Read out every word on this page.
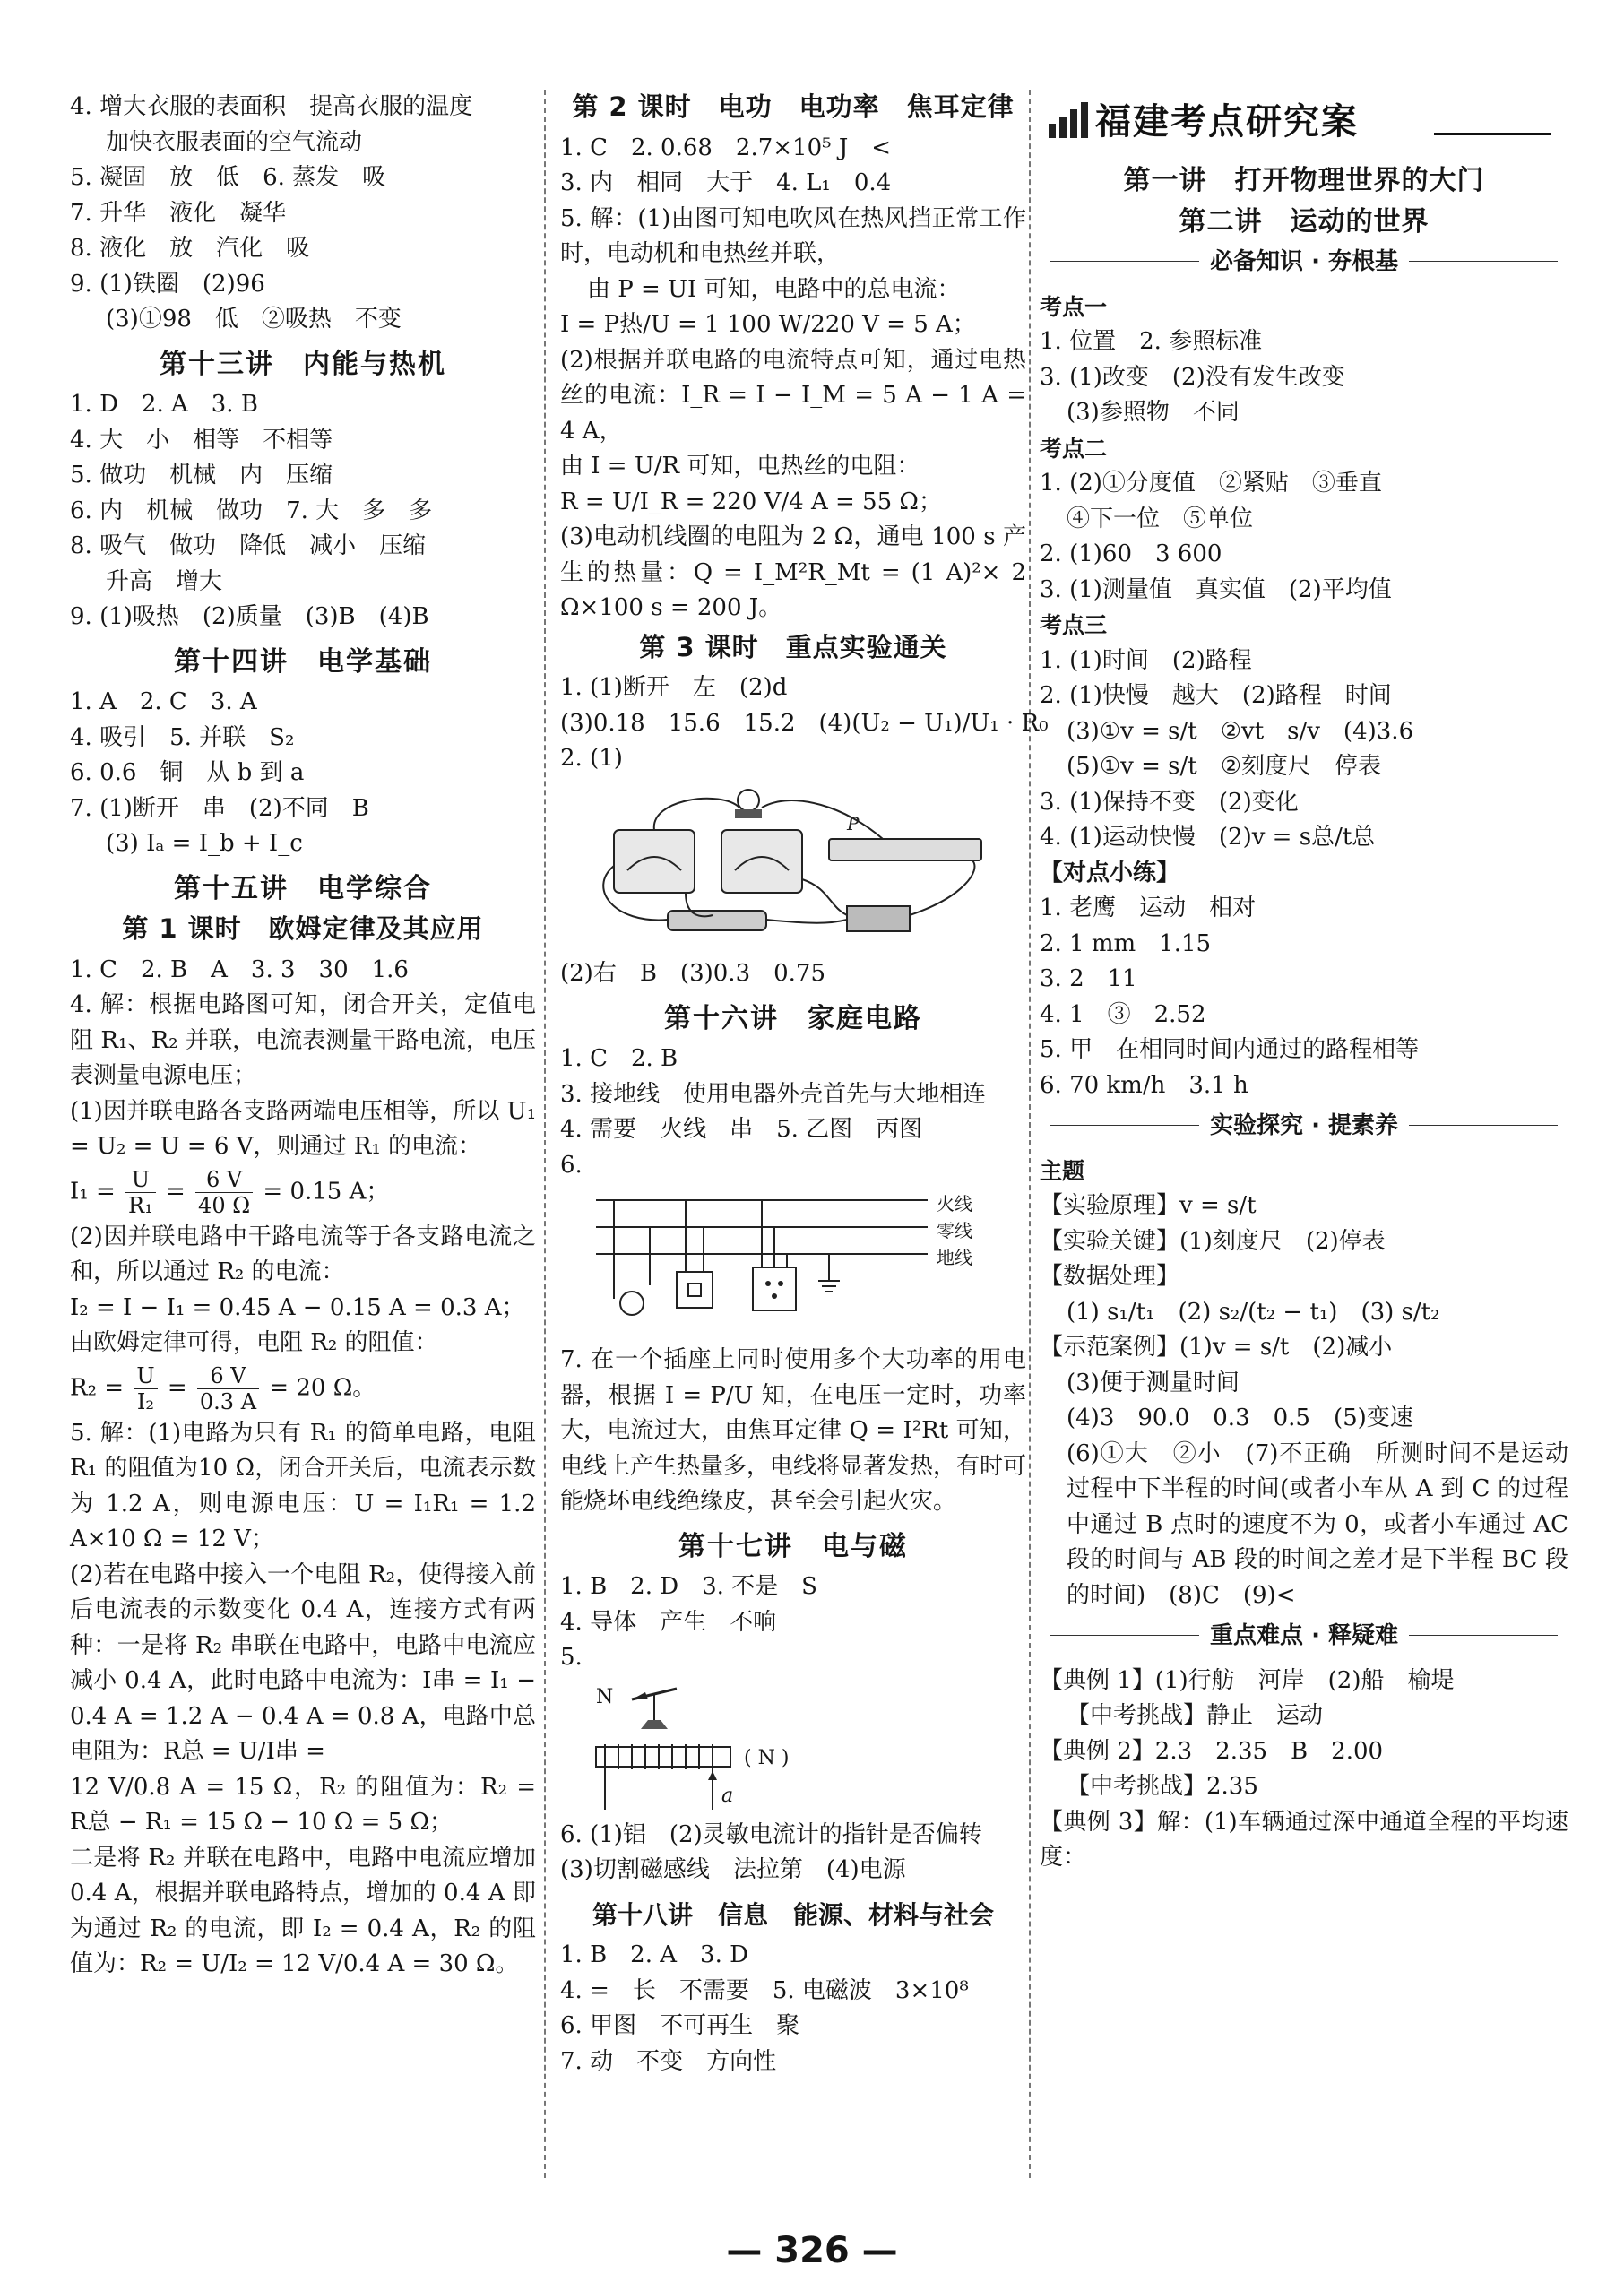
4. 增大衣服的表面积　提高衣服的温度
加快衣服表面的空气流动
5. 凝固　放　低　6. 蒸发　吸
7. 升华　液化　凝华
8. 液化　放　汽化　吸
9. (1)铁圈　(2)96
(3)①98　低　②吸热　不变
第十三讲　内能与热机
1. D　2. A　3. B
4. 大　小　相等　不相等
5. 做功　机械　内　压缩
6. 内　机械　做功　7. 大　多　多
8. 吸气　做功　降低　减小　压缩
升高　增大
9. (1)吸热　(2)质量　(3)B　(4)B
第十四讲　电学基础
1. A　2. C　3. A
4. 吸引　5. 并联　S₂
6. 0.6　铜　从 b 到 a
7. (1)断开　串　(2)不同　B
(3) Iₐ = I_b + I_c
第十五讲　电学综合
第 1 课时　欧姆定律及其应用
1. C　2. B　A　3. 3　30　1.6
4. 解：根据电路图可知，闭合开关，定值电阻 R₁、R₂ 并联，电流表测量干路电流，电压表测量电源电压；
(1)因并联电路各支路两端电压相等，所以 U₁ = U₂ = U = 6 V，则通过 R₁ 的电流：
$I_1 = \frac{U}{\text{R₁}} = \frac{6 V}{40 \Omega} = 0.15$ A；
(2)因并联电路中干路电流等于各支路电流之和，所以通过 R₂ 的电流：
I₂ = I − I₁ = 0.45 A − 0.15 A = 0.3 A；
由欧姆定律可得，电阻 R₂ 的阻值：
$R_2 = \frac{U}{\text{I₂}} = \frac{6 V}{0.3 A} = 20$ Ω。
5. 解：(1)电路为只有 R₁ 的简单电路，电阻 R₁ 的阻值为10 Ω，闭合开关后，电流表示数为 1.2 A，则电源电压：U = I₁R₁ = 1.2 A×10 Ω = 12 V；
(2)若在电路中接入一个电阻 R₂，使得接入前后电流表的示数变化 0.4 A，连接方式有两种：一是将 R₂ 串联在电路中，电路中电流应减小 0.4 A，此时电路中电流为：I串 = I₁ − 0.4 A = 1.2 A − 0.4 A = 0.8 A，电路中总电阻为：R总 = U/I串 =
12 V/0.8 A = 15 Ω，R₂ 的阻值为：R₂ = R总 − R₁ = 15 Ω − 10 Ω = 5 Ω；
二是将 R₂ 并联在电路中，电路中电流应增加 0.4 A，根据并联电路特点，增加的 0.4 A 即为通过 R₂ 的电流，即 I₂ = 0.4 A，R₂ 的阻值为：R₂ = U/I₂ = 12 V/0.4 A = 30 Ω。
第 2 课时　电功　电功率　焦耳定律
1. C　2. 0.68　2.7×10⁵ J　<
3. 内　相同　大于　4. L₁　0.4
5. 解：(1)由图可知电吹风在热风挡正常工作时，电动机和电热丝并联，
由 P = UI 可知，电路中的总电流：
I = P热/U = 1 100 W/220 V = 5 A；
(2)根据并联电路的电流特点可知，通过电热丝的电流：I_R = I − I_M = 5 A − 1 A = 4 A，
由 I = U/R 可知，电热丝的电阻：
R = U/I_R = 220 V/4 A = 55 Ω；
(3)电动机线圈的电阻为 2 Ω，通电 100 s 产生的热量：Q = I_M²R_Mt = (1 A)²× 2 Ω×100 s = 200 J。
第 3 课时　重点实验通关
1. (1)断开　左　(2)d
(3)0.18　15.6　15.2　(4)(U₂ − U₁)/U₁ · R₀
2. (1)
P
(2)右　B　(3)0.3　0.75
第十六讲　家庭电路
1. C　2. B
3. 接地线　使用电器外壳首先与大地相连
4. 需要　火线　串　5. 乙图　丙图
6.
火线
零线
地线
7. 在一个插座上同时使用多个大功率的用电器，根据 I = P/U 知，在电压一定时，功率大，电流过大，由焦耳定律 Q = I²Rt 可知，电线上产生热量多，电线将显著发热，有时可能烧坏电线绝缘皮，甚至会引起火灾。
第十七讲　电与磁
1. B　2. D　3. 不是　S
4. 导体　产生　不响
5.
N
( N )
a
6. (1)铝　(2)灵敏电流计的指针是否偏转
(3)切割磁感线　法拉第　(4)电源
第十八讲　信息　能源、材料与社会
1. B　2. A　3. D
4. =　长　不需要　5. 电磁波　3×10⁸
6. 甲图　不可再生　聚
7. 动　不变　方向性
福建考点研究案
第一讲　打开物理世界的大门
第二讲　运动的世界
必备知识 · 夯根基
考点一
1. 位置　2. 参照标准
3. (1)改变　(2)没有发生改变
(3)参照物　不同
考点二
1. (2)①分度值　②紧贴　③垂直
④下一位　⑤单位
2. (1)60　3 600
3. (1)测量值　真实值　(2)平均值
考点三
1. (1)时间　(2)路程
2. (1)快慢　越大　(2)路程　时间
(3)①v = s/t　②vt　s/v　(4)3.6
(5)①v = s/t　②刻度尺　停表
3. (1)保持不变　(2)变化
4. (1)运动快慢　(2)v = s总/t总
【对点小练】
1. 老鹰　运动　相对
2. 1 mm　1.15
3. 2　11
4. 1　③　2.52
5. 甲　在相同时间内通过的路程相等
6. 70 km/h　3.1 h
实验探究 · 提素养
主题
【实验原理】v = s/t
【实验关键】(1)刻度尺　(2)停表
【数据处理】
(1) s₁/t₁　(2) s₂/(t₂ − t₁)　(3) s/t₂
【示范案例】(1)v = s/t　(2)减小
(3)便于测量时间
(4)3　90.0　0.3　0.5　(5)变速
(6)①大　②小　(7)不正确　所测时间不是运动过程中下半程的时间(或者小车从 A 到 C 的过程中通过 B 点时的速度不为 0，或者小车通过 AC 段的时间与 AB 段的时间之差才是下半程 BC 段的时间)　(8)C　(9)<
重点难点 · 释疑难
【典例 1】(1)行舫　河岸　(2)船　榆堤
【中考挑战】静止　运动
【典例 2】2.3　2.35　B　2.00
【中考挑战】2.35
【典例 3】解：(1)车辆通过深中通道全程的平均速度：
— 326 —
